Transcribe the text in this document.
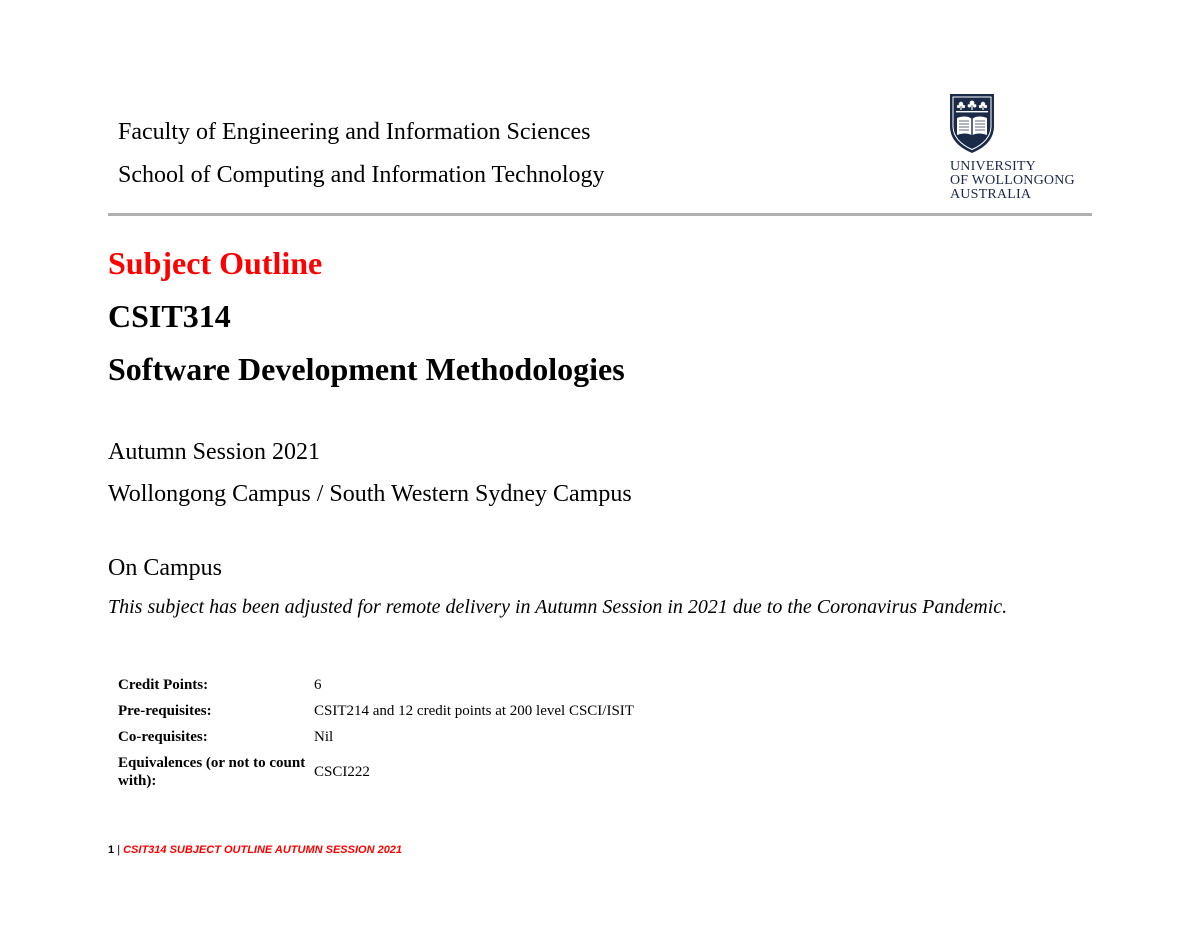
Faculty of Engineering and Information Sciences

School of Computing and Information Technology	UNIVERSITY
OF WOLLONGONG
AUSTRALIA
Subject Outline
CSIT314
Software Development Methodologies

Autumn Session 2021

Wollongong Campus / South Western Sydney Campus

On Campus

This subject has been adjusted for remote delivery in Autumn Session in 2021 due to the Coronavirus Pandemic.

Credit Points:	6
Pre-requisites:	CSIT214 and 12 credit points at 200 level CSCI/ISIT
Co-requisites:	Nil
Equivalences (or not to count with):	CSCI222
1 | CSIT314 SUBJECT OUTLINE AUTUMN SESSION 2021
